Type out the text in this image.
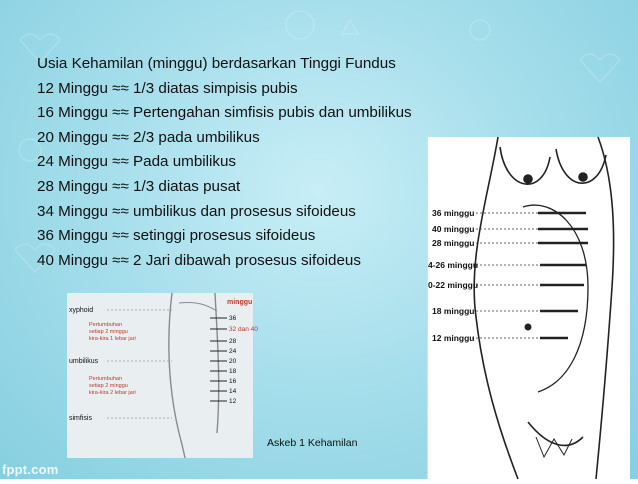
Usia Kehamilan (minggu) berdasarkan Tinggi Fundus
12 Minggu ≈≈ 1/3 diatas simpisis pubis
16 Minggu ≈≈ Pertengahan simfisis pubis dan umbilikus
20 Minggu ≈≈ 2/3 pada umbilikus
24 Minggu ≈≈ Pada umbilikus
28 Minggu ≈≈ 1/3 diatas pusat
34 Minggu ≈≈ umbilikus dan prosesus sifoideus
36 Minggu ≈≈ setinggi prosesus sifoideus
40 Minggu ≈≈ 2 Jari dibawah prosesus sifoideus
36 minggu
40 minggu
28 minggu
4-26 minggu
0-22 minggu
18 minggu
12 minggu
xyphoid
umbilikus
simfisis
Pertumbuhan
setiap 2 minggu
kira-kira 1 lebar jari
Pertumbuhan
setiap 2 minggu
kira-kira 2 lebar jari
minggu
36
32 dan 40
28
24
20
18
16
14
12
Askeb 1 Kehamilan
fppt.com
